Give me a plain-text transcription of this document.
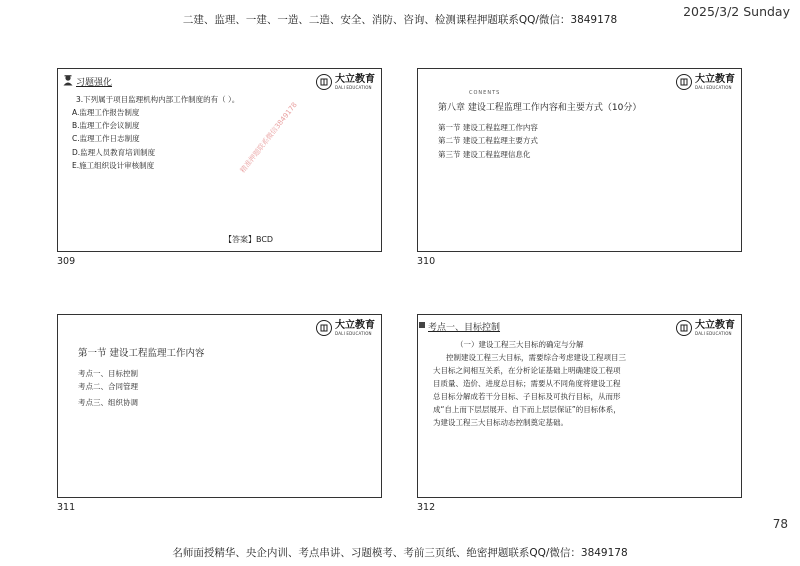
二建、监理、一建、一造、二造、安全、消防、咨询、检测课程押题联系QQ/微信：3849178
2025/3/2 Sunday
大立教育
DALI EDUCATION
习题强化
3.下列属于项目监理机构内部工作制度的有（ ）。
A.监理工作报告制度
B.监理工作会议制度
C.监理工作日志制度
D.监理人员教育培训制度
E.施工组织设计审核制度
【答案】BCD
精准押题联系微信3849178
309
大立教育
DALI EDUCATION
CONENTS
第八章 建设工程监理工作内容和主要方式（10分）
第一节 建设工程监理工作内容
第二节 建设工程监理主要方式
第三节 建设工程监理信息化
310
大立教育
DALI EDUCATION
第一节 建设工程监理工作内容
考点一、目标控制
考点二、合同管理
考点三、组织协调
311
大立教育
DALI EDUCATION
考点一、目标控制
（一）建设工程三大目标的确定与分解
控制建设工程三大目标，需要综合考虑建设工程项目三
大目标之间相互关系，在分析论证基础上明确建设工程项
目质量、造价、进度总目标；需要从不同角度将建设工程
总目标分解成若干分目标、子目标及可执行目标，从而形
成“自上而下层层展开、自下而上层层保证”的目标体系，
为建设工程三大目标动态控制奠定基础。
312
78
名师面授精华、央企内训、考点串讲、习题模考、考前三页纸、绝密押题联系QQ/微信：3849178
